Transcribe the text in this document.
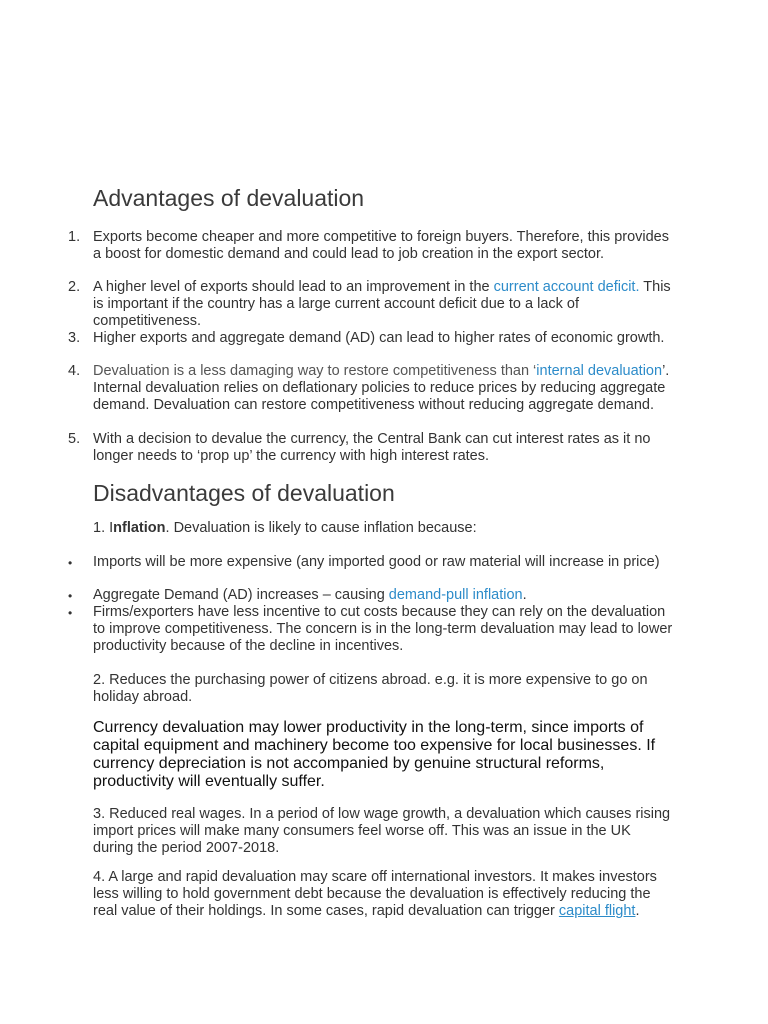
Advantages of devaluation
1. Exports become cheaper and more competitive to foreign buyers. Therefore, this provides a boost for domestic demand and could lead to job creation in the export sector.

2. A higher level of exports should lead to an improvement in the current account deficit. This is important if the country has a large current account deficit due to a lack of competitiveness.

3. Higher exports and aggregate demand (AD) can lead to higher rates of economic growth.

4. Devaluation is a less damaging way to restore competitiveness than ‘internal devaluation’. Internal devaluation relies on deflationary policies to reduce prices by reducing aggregate demand. Devaluation can restore competitiveness without reducing aggregate demand.

5. With a decision to devalue the currency, the Central Bank can cut interest rates as it no longer needs to ‘prop up’ the currency with high interest rates.

Disadvantages of devaluation

1. Inflation. Devaluation is likely to cause inflation because:

• Imports will be more expensive (any imported good or raw material will increase in price)

• Aggregate Demand (AD) increases – causing demand-pull inflation.

• Firms/exporters have less incentive to cut costs because they can rely on the devaluation to improve competitiveness. The concern is in the long-term devaluation may lead to lower productivity because of the decline in incentives.

2. Reduces the purchasing power of citizens abroad. e.g. it is more expensive to go on holiday abroad.

Currency devaluation may lower productivity in the long-term, since imports of capital equipment and machinery become too expensive for local businesses. If currency depreciation is not accompanied by genuine structural reforms, productivity will eventually suffer.

3. Reduced real wages. In a period of low wage growth, a devaluation which causes rising import prices will make many consumers feel worse off. This was an issue in the UK during the period 2007-2018.

4. A large and rapid devaluation may scare off international investors. It makes investors less willing to hold government debt because the devaluation is effectively reducing the real value of their holdings. In some cases, rapid devaluation can trigger capital flight.
